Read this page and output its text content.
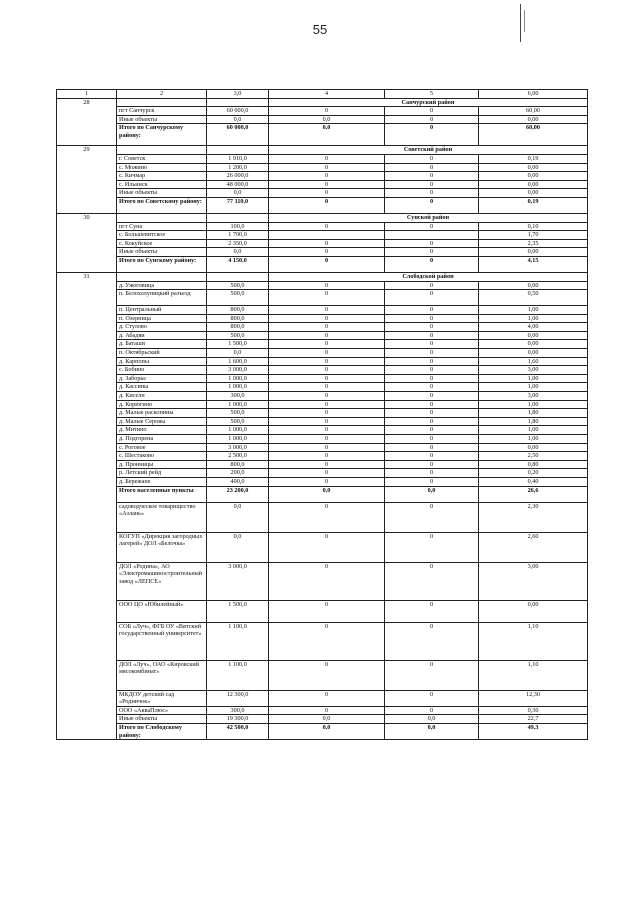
55
1	2	3,0	4	5	6,00
28			Санчурский район		
	пгт Санчурск	60 000,0	0	0	60,00
	Иные объекты	0,0	0,0	0	0,00
	Итого по Санчурскому району:	60 000,0	0,0	0	60,00
29			Советский район		
	г. Советск	1 910,0	0	0	0,19
	с. Можино	1 200,0	0	0	0,00
	с. Кичмар	26 000,0	0	0	0,00
	с. Ильинск	48 000,0	0	0	0,00
	Иные объекты	0,0	0	0	0,00
	Итого по Советскому району:	77 110,0	0	0	0,19
30			Сунской район		
	пгт Суна	100,0	0	0	0,10
	с. Большевитское	1 700,0			1,70
	с. Кокуйское	2 350,0	0	0	2,35
	Иные объекты	0,0	0	0	0,00
	Итого по Сунскому району:	4 150,0	0	0	4,15
31			Слободской район		
	д. Ужоговица	500,0	0	0	0,00
	п. Белохолуницкий разъезд	500,0	0	0	0,50
	п. Центральный	800,0	0	0	1,00
	п. Озерница	800,0	0	0	1,00
	д. Стулово	800,0	0	0	4,00
	д. Абадяи	500,0	0	0	0,00
	д. Баташи	1 500,0	0	0	0,00
	п. Октябрьский	0,0	0	0	0,00
	д. Карпопы	1 600,0	0	0	1,60
	с. Бобино	3 000,0	0	0	3,00
	д. Заборье	1 000,0	0	0	1,00
	д. Кассины	1 000,0	0	0	1,00
	д. Киселн	300,0	0	0	3,00
	д. Корюгино	1 000,0	0	0	1,00
	д. Малые раскопины	500,0	0	0	1,80
	д. Малые Серовы	500,0	0	0	1,80
	д. Митино	1 000,0	0	0	1,00
	д. Подгорена	1 000,0	0	0	1,00
	с. Роговое	3 000,0	0	0	0,00
	с. Шестаково	2 500,0	0	0	2,50
	д. Пронницы	800,0	0	0	0,80
	р. Летский рейд	200,0	0	0	0,20
	д. Бережане	400,0	0	0	0,40
	Итого населенные пункты	23 200,0	0,0	0,0	26,6
	садоводческое товарищество «Азлань»	0,0	0	0	2,30
	КОГУП «Дирекция загородных лагерей» ДОЛ «Белочка»	0,0	0	0	2,60
	ДОЛ «Родина», АО «Электромашиностроительный завод «ЛЕПСЕ»	3 000,0	0	0	3,00
	ООО ЦО «Юбилейный»	1 500,0	0	0	0,00
	СОБ «Луч», ФГБ ОУ «Вятский государственный университет»	1 100,0	0	0	1,10
	ДОЛ «Луч», ОАО «Кировский мясокомбинат»	1 100,0	0	0	1,10
	МКДОУ детский сад «Родничок»	12 300,0	0	0	12,30
	ООО «АкваПлюс»	300,0	0	0	0,30
	Иные объекты	19 300,0	0,0	0,0	22,7
	Итого по Слободскому району:	42 500,0	0,0	0,0	49,3
